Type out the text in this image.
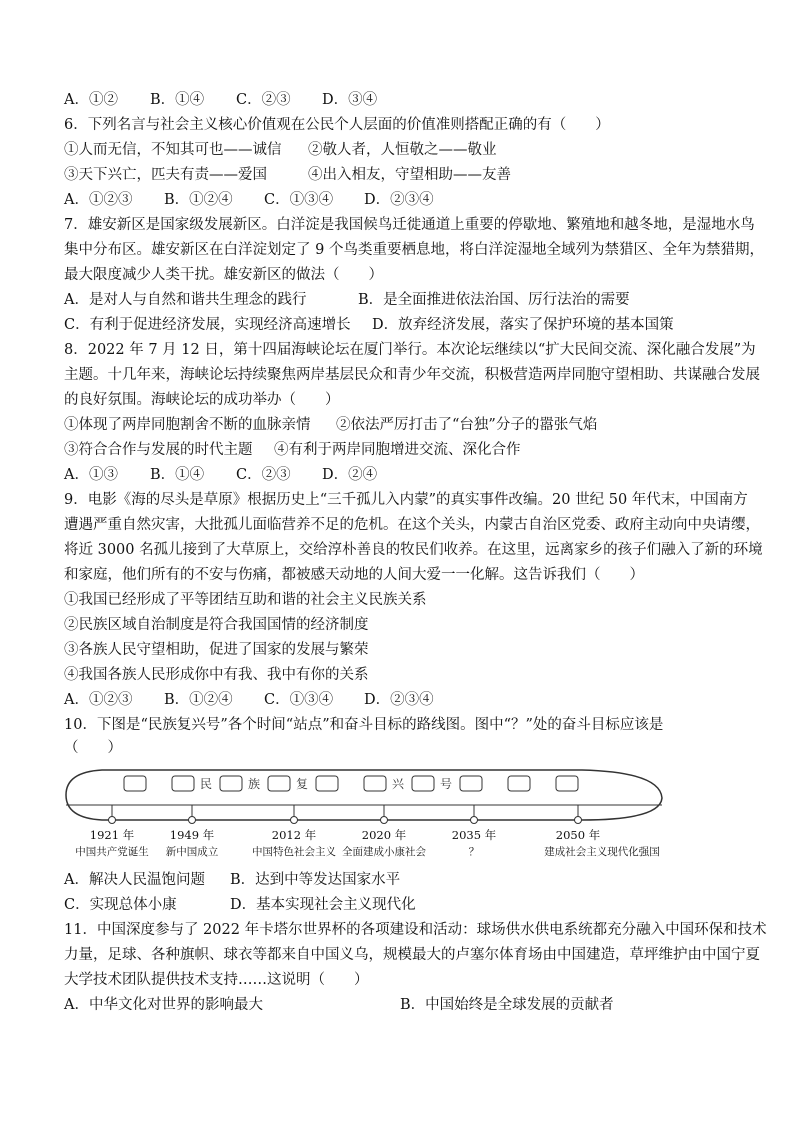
A．①② B．①④ C．②③ D．③④
6．下列名言与社会主义核心价值观在公民个人层面的价值准则搭配正确的有（　　）
①人而无信，不知其可也——诚信 ②敬人者，人恒敬之——敬业
③天下兴亡，匹夫有责——爱国	④出入相友，守望相助——友善
A．①②③ B．①②④ C．①③④ D．②③④
7．雄安新区是国家级发展新区。白洋淀是我国候鸟迁徙通道上重要的停歇地、繁殖地和越冬地，是湿地水鸟
集中分布区。雄安新区在白洋淀划定了 9 个鸟类重要栖息地，将白洋淀湿地全域列为禁猎区、全年为禁猎期，
最大限度减少人类干扰。雄安新区的做法（　　）
A．是对人与自然和谐共生理念的践行	B．是全面推进依法治国、厉行法治的需要
C．有利于促进经济发展，实现经济高速增长 D．放弃经济发展，落实了保护环境的基本国策
8．2022 年 7 月 12 日，第十四届海峡论坛在厦门举行。本次论坛继续以“扩大民间交流、深化融合发展”为
主题。十几年来，海峡论坛持续聚焦两岸基层民众和青少年交流，积极营造两岸同胞守望相助、共谋融合发展
的良好氛围。海峡论坛的成功举办（　　）
①体现了两岸同胞割舍不断的血脉亲情 ②依法严厉打击了“台独”分子的嚣张气焰
③符合合作与发展的时代主题 ④有利于两岸同胞增进交流、深化合作
A．①③ B．①④ C．②③ D．②④
9．电影《海的尽头是草原》根据历史上“三千孤儿入内蒙”的真实事件改编。20 世纪 50 年代末，中国南方
遭遇严重自然灾害，大批孤儿面临营养不足的危机。在这个关头，内蒙古自治区党委、政府主动向中央请缨，
将近 3000 名孤儿接到了大草原上，交给淳朴善良的牧民们收养。在这里，远离家乡的孩子们融入了新的环境
和家庭，他们所有的不安与伤痛，都被感天动地的人间大爱一一化解。这告诉我们（　　）
①我国已经形成了平等团结互助和谐的社会主义民族关系
②民族区域自治制度是符合我国国情的经济制度
③各族人民守望相助，促进了国家的发展与繁荣
④我国各族人民形成你中有我、我中有你的关系
A．①②③ B．①②④ C．①③④ D．②③④
10．下图是“民族复兴号”各个时间“站点”和奋斗目标的路线图。图中“？”处的奋斗目标应该是
（　　）
民	族	复	兴	号
1921 年
中国共产党诞生
1949 年
新中国成立
2012 年
中国特色社会主义
2020 年
全面建成小康社会
2035 年
？
2050 年
建成社会主义现代化强国
A．解决人民温饱问题 B．达到中等发达国家水平
C．实现总体小康	D．基本实现社会主义现代化
11．中国深度参与了 2022 年卡塔尔世界杯的各项建设和活动：球场供水供电系统都充分融入中国环保和技术
力量，足球、各种旗帜、球衣等都来自中国义乌，规模最大的卢塞尔体育场由中国建造，草坪维护由中国宁夏
大学技术团队提供技术支持……这说明（　　）
A．中华文化对世界的影响最大	B．中国始终是全球发展的贡献者
